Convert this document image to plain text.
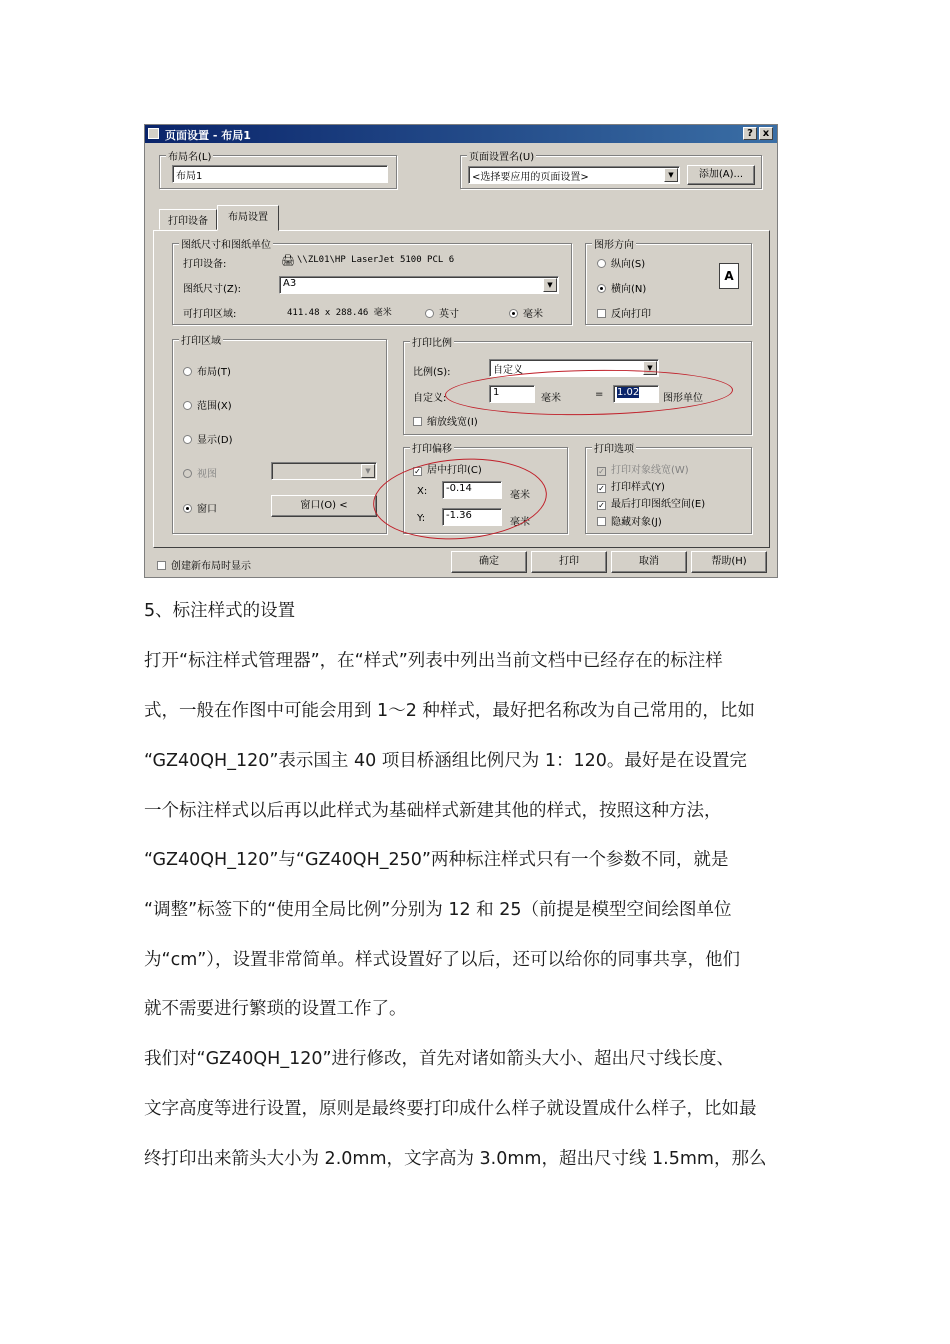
页面设置 - 布局1	? x
布局名(L)
布局1
页面设置名(U)
<选择要应用的页面设置>	▼	添加(A)...
打印设备	布局设置
图纸尺寸和图纸单位
打印设备:	🖨 \\ZL01\HP LaserJet 5100 PCL 6
图纸尺寸(Z):
A3	▼
可打印区域:	411.48 x 288.46 毫米	英寸	毫米
图形方向
纵向(S)
横向(N)
反向打印
A
打印区域
布局(T)
范围(X)
显示(D)
视图	▼
窗口	窗口(O) <
打印比例
比例(S):	自定义	▼
自定义:
1
毫米	=	1.02
图形单位
缩放线宽(I)
打印偏移
✓ 居中打印(C)
X:	-0.14
毫米
Y:	-1.36
毫米
打印选项
✓ 打印对象线宽(W)
✓ 打印样式(Y)
✓ 最后打印图纸空间(E)
隐藏对象(J)
创建新布局时显示	确定	打印	取消	帮助(H)
5、标注样式的设置
打开“标注样式管理器”，在“样式”列表中列出当前文档中已经存在的标注样
式，一般在作图中可能会用到 1～2 种样式，最好把名称改为自己常用的，比如
“GZ40QH_120”表示国主 40 项目桥涵组比例尺为 1：120。最好是在设置完
一个标注样式以后再以此样式为基础样式新建其他的样式，按照这种方法，
“GZ40QH_120”与“GZ40QH_250”两种标注样式只有一个参数不同，就是
“调整”标签下的“使用全局比例”分别为 12 和 25（前提是模型空间绘图单位
为“cm”），设置非常简单。样式设置好了以后，还可以给你的同事共享，他们
就不需要进行繁琐的设置工作了。
我们对“GZ40QH_120”进行修改，首先对诸如箭头大小、超出尺寸线长度、
文字高度等进行设置，原则是最终要打印成什么样子就设置成什么样子，比如最
终打印出来箭头大小为 2.0mm，文字高为 3.0mm，超出尺寸线 1.5mm，那么
